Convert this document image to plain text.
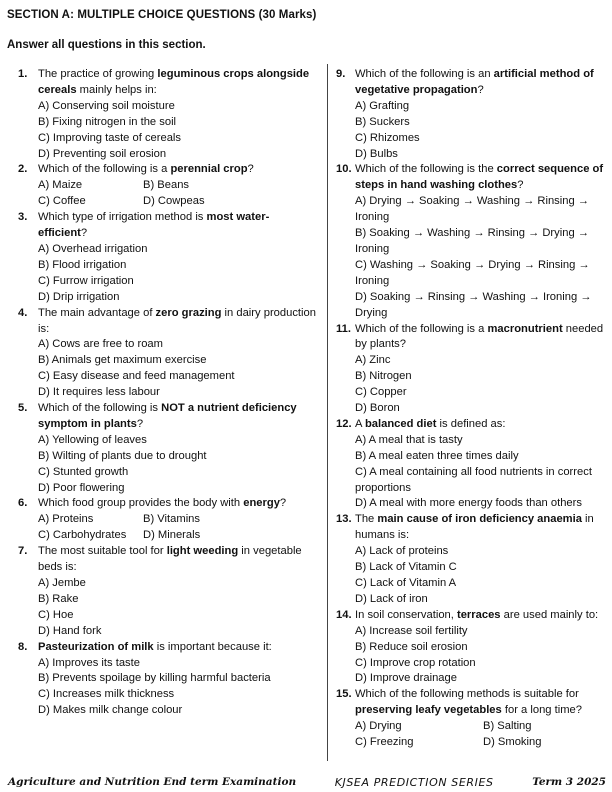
SECTION A: MULTIPLE CHOICE QUESTIONS (30 Marks)
Answer all questions in this section.
1. The practice of growing leguminous crops alongside cereals mainly helps in:
A) Conserving soil moisture
B) Fixing nitrogen in the soil
C) Improving taste of cereals
D) Preventing soil erosion
2. Which of the following is a perennial crop?
A) Maize	B) Beans
C) Coffee	D) Cowpeas
3. Which type of irrigation method is most water-efficient?
A) Overhead irrigation
B) Flood irrigation
C) Furrow irrigation
D) Drip irrigation
4. The main advantage of zero grazing in dairy production is:
A) Cows are free to roam
B) Animals get maximum exercise
C) Easy disease and feed management
D) It requires less labour
5. Which of the following is NOT a nutrient deficiency symptom in plants?
A) Yellowing of leaves
B) Wilting of plants due to drought
C) Stunted growth
D) Poor flowering
6. Which food group provides the body with energy?
A) Proteins	B) Vitamins
C) Carbohydrates	D) Minerals
7. The most suitable tool for light weeding in vegetable beds is:
A) Jembe
B) Rake
C) Hoe
D) Hand fork
8. Pasteurization of milk is important because it:
A) Improves its taste
B) Prevents spoilage by killing harmful bacteria
C) Increases milk thickness
D) Makes milk change colour
9. Which of the following is an artificial method of vegetative propagation?
A) Grafting
B) Suckers
C) Rhizomes
D) Bulbs
10. Which of the following is the correct sequence of steps in hand washing clothes?
A) Drying → Soaking → Washing → Rinsing → Ironing
B) Soaking → Washing → Rinsing → Drying → Ironing
C) Washing → Soaking → Drying → Rinsing → Ironing
D) Soaking → Rinsing → Washing → Ironing → Drying
11. Which of the following is a macronutrient needed by plants?
A) Zinc
B) Nitrogen
C) Copper
D) Boron
12. A balanced diet is defined as:
A) A meal that is tasty
B) A meal eaten three times daily
C) A meal containing all food nutrients in correct proportions
D) A meal with more energy foods than others
13. The main cause of iron deficiency anaemia in humans is:
A) Lack of proteins
B) Lack of Vitamin C
C) Lack of Vitamin A
D) Lack of iron
14. In soil conservation, terraces are used mainly to:
A) Increase soil fertility
B) Reduce soil erosion
C) Improve crop rotation
D) Improve drainage
15. Which of the following methods is suitable for preserving leafy vegetables for a long time?
A) Drying	B) Salting
C) Freezing	D) Smoking
Agriculture and Nutrition End term Examination	KJSEA PREDICTION SERIES	Term 3 2025
